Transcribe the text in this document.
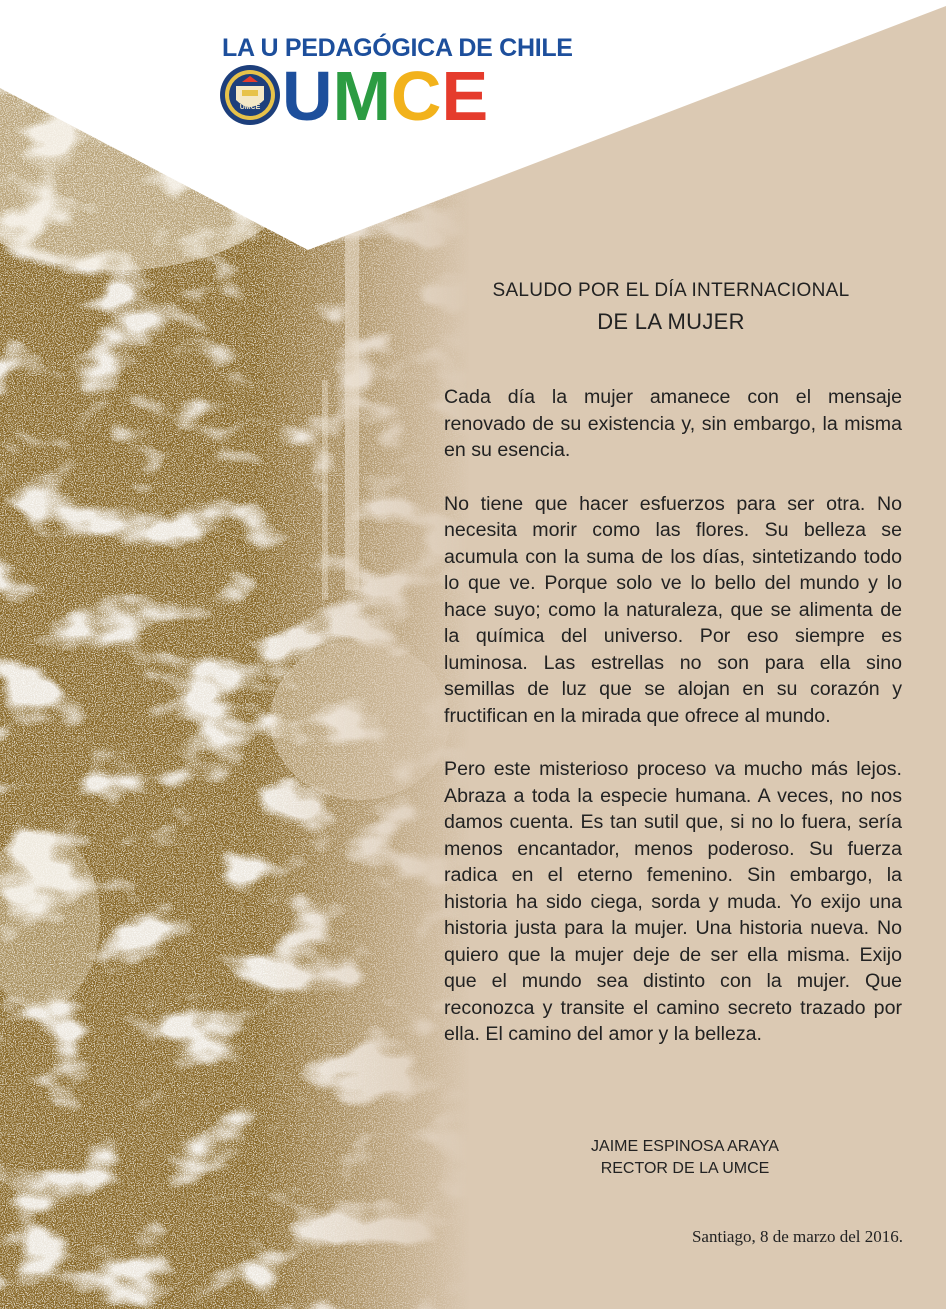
LA U PEDAGÓGICA DE CHILE
UMCE UMCE
SALUDO POR EL DÍA INTERNACIONAL
DE LA MUJER

Cada día la mujer amanece con el mensaje renovado de su existencia y, sin embargo, la misma en su esencia.

No tiene que hacer esfuerzos para ser otra. No necesita morir como las flores. Su belleza se acumula con la suma de los días, sintetizando todo lo que ve. Porque solo ve lo bello del mundo y lo hace suyo; como la naturaleza, que se alimenta de la química del universo. Por eso siempre es luminosa. Las estrellas no son para ella sino semillas de luz que se alojan en su corazón y fructifican en la mirada que ofrece al mundo.

Pero este misterioso proceso va mucho más lejos. Abraza a toda la especie humana. A veces, no nos damos cuenta. Es tan sutil que, si no lo fuera, sería menos encantador, menos poderoso. Su fuerza radica en el eterno femenino. Sin embargo, la historia ha sido ciega, sorda y muda. Yo exijo una historia justa para la mujer. Una historia nueva. No quiero que la mujer deje de ser ella misma. Exijo que el mundo sea distinto con la mujer. Que reconozca y transite el camino secreto trazado por ella. El camino del amor y la belleza.

JAIME ESPINOSA ARAYA
RECTOR DE LA UMCE
Santiago, 8 de marzo del 2016.
